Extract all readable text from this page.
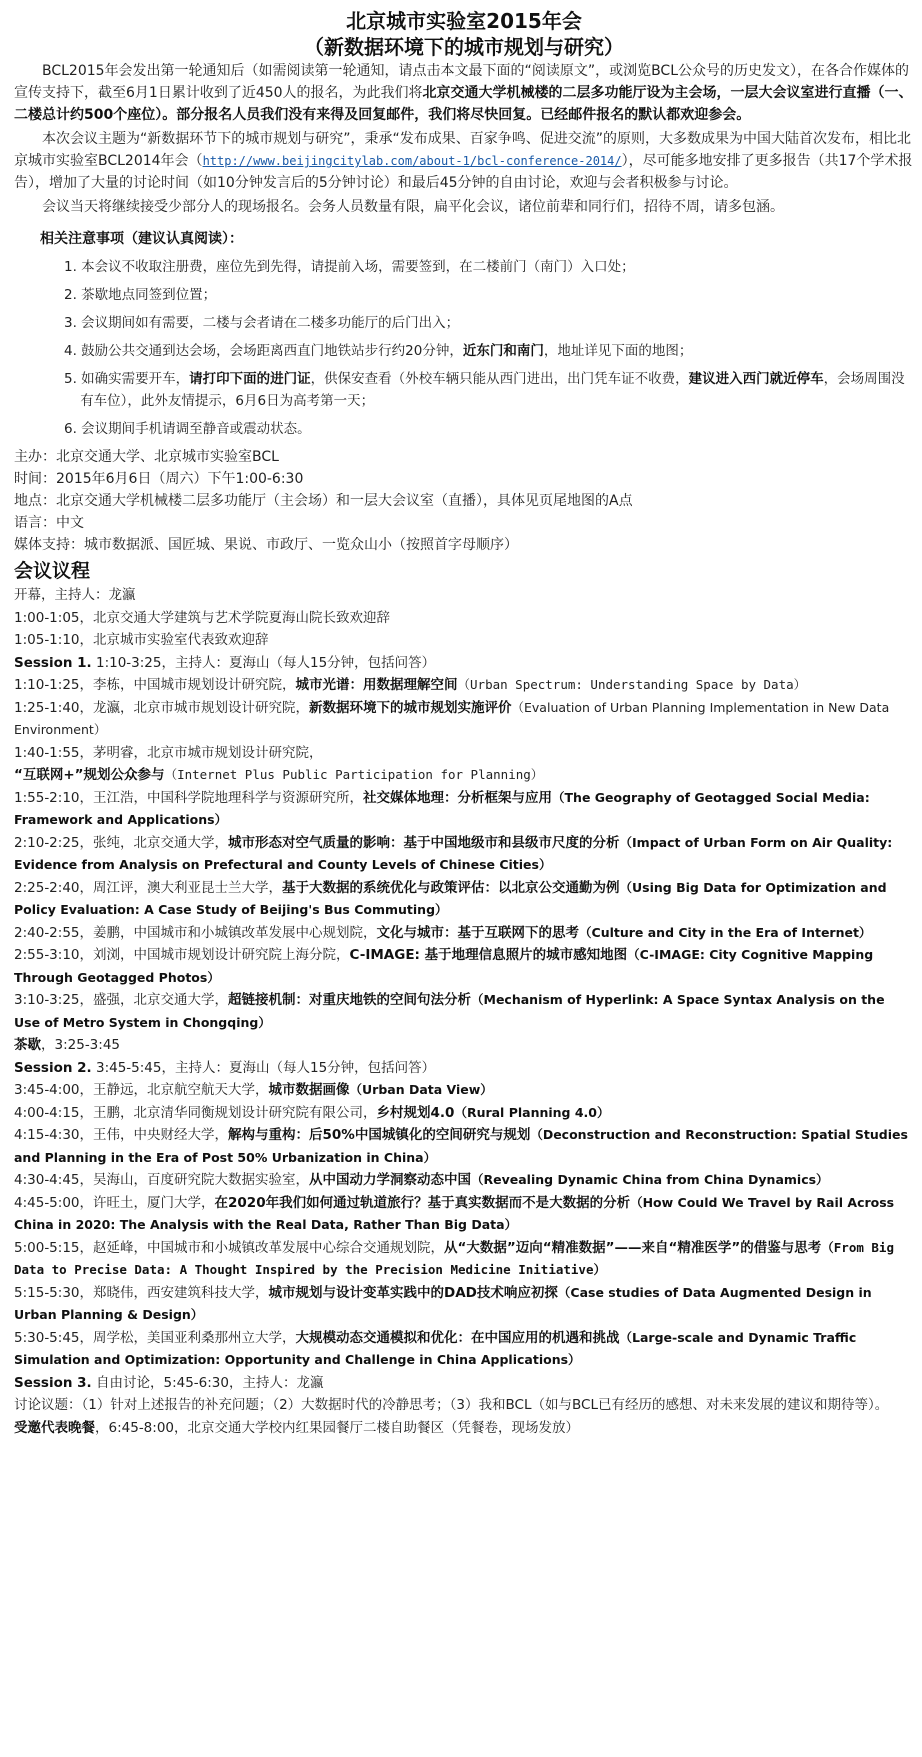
北京城市实验室2015年会
（新数据环境下的城市规划与研究）

BCL2015年会发出第一轮通知后（如需阅读第一轮通知，请点击本文最下面的“阅读原文”，或浏览BCL公众号的历史发文），在各合作媒体的宣传支持下，截至6月1日累计收到了近450人的报名，为此我们将北京交通大学机械楼的二层多功能厅设为主会场，一层大会议室进行直播（一、二楼总计约500个座位）。部分报名人员我们没有来得及回复邮件，我们将尽快回复。已经邮件报名的默认都欢迎参会。

本次会议主题为“新数据环节下的城市规划与研究”，秉承“发布成果、百家争鸣、促进交流”的原则，大多数成果为中国大陆首次发布，相比北京城市实验室BCL2014年会（http://www.beijingcitylab.com/about-1/bcl-conference-2014/），尽可能多地安排了更多报告（共17个学术报告），增加了大量的讨论时间（如10分钟发言后的5分钟讨论）和最后45分钟的自由讨论，欢迎与会者积极参与讨论。

会议当天将继续接受少部分人的现场报名。会务人员数量有限，扁平化会议，诸位前辈和同行们，招待不周，请多包涵。

相关注意事项（建议认真阅读）：
1. 本会议不收取注册费，座位先到先得，请提前入场，需要签到，在二楼前门（南门）入口处；
2. 茶歇地点同签到位置；
3. 会议期间如有需要，二楼与会者请在二楼多功能厅的后门出入；
4. 鼓励公共交通到达会场，会场距离西直门地铁站步行约20分钟，近东门和南门，地址详见下面的地图；
5. 如确实需要开车，请打印下面的进门证，供保安查看（外校车辆只能从西门进出，出门凭车证不收费，建议进入西门就近停车，会场周围没有车位），此外友情提示，6月6日为高考第一天；
6. 会议期间手机请调至静音或震动状态。

主办：北京交通大学、北京城市实验室BCL

时间：2015年6月6日（周六）下午1:00-6:30

地点：北京交通大学机械楼二层多功能厅（主会场）和一层大会议室（直播），具体见页尾地图的A点

语言：中文

媒体支持：城市数据派、国匠城、果说、市政厅、一览众山小（按照首字母顺序）

会议议程

开幕，主持人：龙瀛

1:00-1:05，北京交通大学建筑与艺术学院夏海山院长致欢迎辞

1:05-1:10，北京城市实验室代表致欢迎辞

Session 1. 1:10-3:25，主持人：夏海山（每人15分钟，包括问答）

1:10-1:25，李栋，中国城市规划设计研究院，城市光谱：用数据理解空间（Urban Spectrum: Understanding Space by Data）

1:25-1:40，龙瀛，北京市城市规划设计研究院，新数据环境下的城市规划实施评价（Evaluation of Urban Planning Implementation in New Data Environment）

1:40-1:55，茅明睿，北京市城市规划设计研究院，
“互联网+”规划公众参与（Internet Plus Public Participation for Planning）

1:55-2:10，王江浩，中国科学院地理科学与资源研究所，社交媒体地理：分析框架与应用（The Geography of Geotagged Social Media: Framework and Applications）

2:10-2:25，张纯，北京交通大学，城市形态对空气质量的影响：基于中国地级市和县级市尺度的分析（Impact of Urban Form on Air Quality: Evidence from Analysis on Prefectural and County Levels of Chinese Cities）

2:25-2:40，周江评，澳大利亚昆士兰大学，基于大数据的系统优化与政策评估：以北京公交通勤为例（Using Big Data for Optimization and Policy Evaluation: A Case Study of Beijing's Bus Commuting）

2:40-2:55，姜鹏，中国城市和小城镇改革发展中心规划院，文化与城市：基于互联网下的思考（Culture and City in the Era of Internet）

2:55-3:10，刘浏，中国城市规划设计研究院上海分院，C-IMAGE: 基于地理信息照片的城市感知地图（C-IMAGE: City Cognitive Mapping Through Geotagged Photos）

3:10-3:25，盛强，北京交通大学，超链接机制：对重庆地铁的空间句法分析（Mechanism of Hyperlink: A Space Syntax Analysis on the Use of Metro System in Chongqing）

茶歇，3:25-3:45

Session 2. 3:45-5:45，主持人：夏海山（每人15分钟，包括问答）

3:45-4:00，王静远，北京航空航天大学，城市数据画像（Urban Data View）

4:00-4:15，王鹏，北京清华同衡规划设计研究院有限公司，乡村规划4.0（Rural Planning 4.0）

4:15-4:30，王伟，中央财经大学，解构与重构：后50%中国城镇化的空间研究与规划（Deconstruction and Reconstruction: Spatial Studies and Planning in the Era of Post 50% Urbanization in China）

4:30-4:45，吴海山，百度研究院大数据实验室，从中国动力学洞察动态中国（Revealing Dynamic China from China Dynamics）

4:45-5:00，许旺土，厦门大学，在2020年我们如何通过轨道旅行？基于真实数据而不是大数据的分析（How Could We Travel by Rail Across China in 2020: The Analysis with the Real Data, Rather Than Big Data）

5:00-5:15，赵延峰，中国城市和小城镇改革发展中心综合交通规划院，从“大数据”迈向“精准数据”——来自“精准医学”的借鉴与思考（From Big Data to Precise Data: A Thought Inspired by the Precision Medicine Initiative）

5:15-5:30，郑晓伟，西安建筑科技大学，城市规划与设计变革实践中的DAD技术响应初探（Case studies of Data Augmented Design in Urban Planning & Design）

5:30-5:45，周学松，美国亚利桑那州立大学，大规模动态交通模拟和优化：在中国应用的机遇和挑战（Large-scale and Dynamic Traffic Simulation and Optimization: Opportunity and Challenge in China Applications）

Session 3. 自由讨论，5:45-6:30，主持人：龙瀛

讨论议题：（1）针对上述报告的补充问题；（2）大数据时代的冷静思考；（3）我和BCL（如与BCL已有经历的感想、对未来发展的建议和期待等）。

受邀代表晚餐，6:45-8:00，北京交通大学校内红果园餐厅二楼自助餐区（凭餐卷，现场发放）
